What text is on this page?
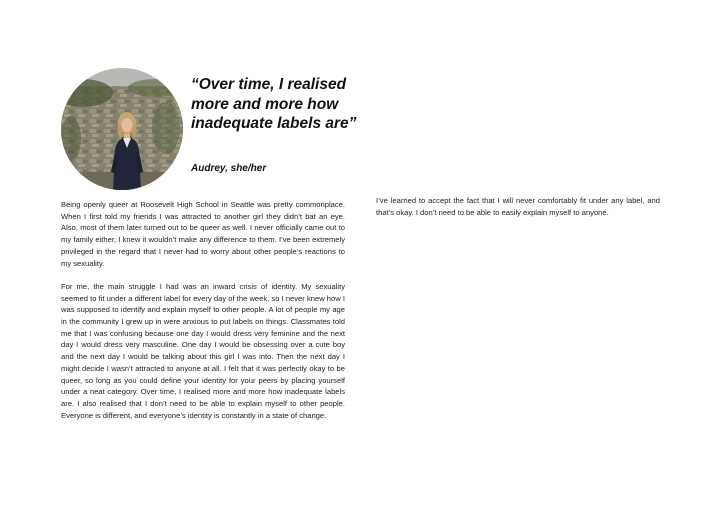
“Over time, I realised more and more how inadequate labels are”
Audrey, she/her

Being openly queer at Roosevelt High School in Seattle was pretty commonplace. When I first told my friends I was attracted to another girl they didn’t bat an eye. Also, most of them later turned out to be queer as well. I never officially came out to my family either, I knew it wouldn’t make any difference to them. I’ve been extremely privileged in the regard that I never had to worry about other people’s reactions to my sexuality.

For me, the main struggle I had was an inward crisis of identity. My sexuality seemed to fit under a different label for every day of the week, so I never knew how I was supposed to identify and explain myself to other people. A lot of people my age in the community I grew up in were anxious to put labels on things. Classmates told me that I was confusing because one day I would dress very feminine and the next day I would dress very masculine. One day I would be obsessing over a cute boy and the next day I would be talking about this girl I was into. Then the next day I might decide I wasn’t attracted to anyone at all. I felt that it was perfectly okay to be queer, so long as you could define your identity for your peers by placing yourself under a neat category. Over time, I realised more and more how inadequate labels are. I also realised that I don’t need to be able to explain myself to other people. Everyone is different, and everyone’s identity is constantly in a state of change.

I’ve learned to accept the fact that I will never comfortably fit under any label, and that’s okay. I don’t need to be able to easily explain myself to anyone.
